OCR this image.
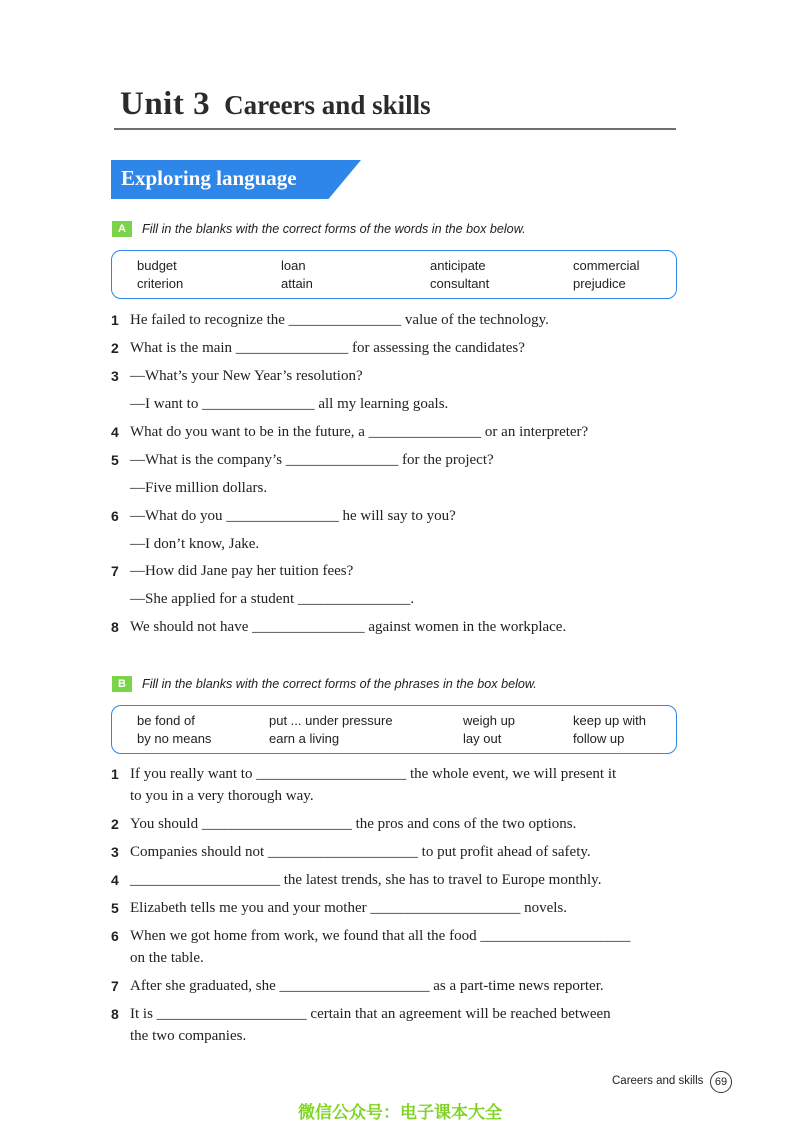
Unit 3 Careers and skills
Exploring language
A	Fill in the blanks with the correct forms of the words in the box below.
budget	loan	anticipate	commercial
criterion	attain	consultant	prejudice
1 He failed to recognize the _______________ value of the technology.
2 What is the main _______________ for assessing the candidates?
3 —What’s your New Year’s resolution?
—I want to _______________ all my learning goals.
4 What do you want to be in the future, a _______________ or an interpreter?
5 —What is the company’s _______________ for the project?
—Five million dollars.
6 —What do you _______________ he will say to you?
—I don’t know, Jake.
7 —How did Jane pay her tuition fees?
—She applied for a student _______________.
8 We should not have _______________ against women in the workplace.
B	Fill in the blanks with the correct forms of the phrases in the box below.
be fond of	put ... under pressure	weigh up	keep up with
by no means	earn a living	lay out	follow up
1 If you really want to ____________________ the whole event, we will present it
to you in a very thorough way.
2 You should ____________________ the pros and cons of the two options.
3 Companies should not ____________________ to put profit ahead of safety.
4 ____________________ the latest trends, she has to travel to Europe monthly.
5 Elizabeth tells me you and your mother ____________________ novels.
6 When we got home from work, we found that all the food ____________________
on the table.
7 After she graduated, she ____________________ as a part-time news reporter.
8 It is ____________________ certain that an agreement will be reached between
the two companies.
Careers and skills	69
微信公众号：电子课本大全
